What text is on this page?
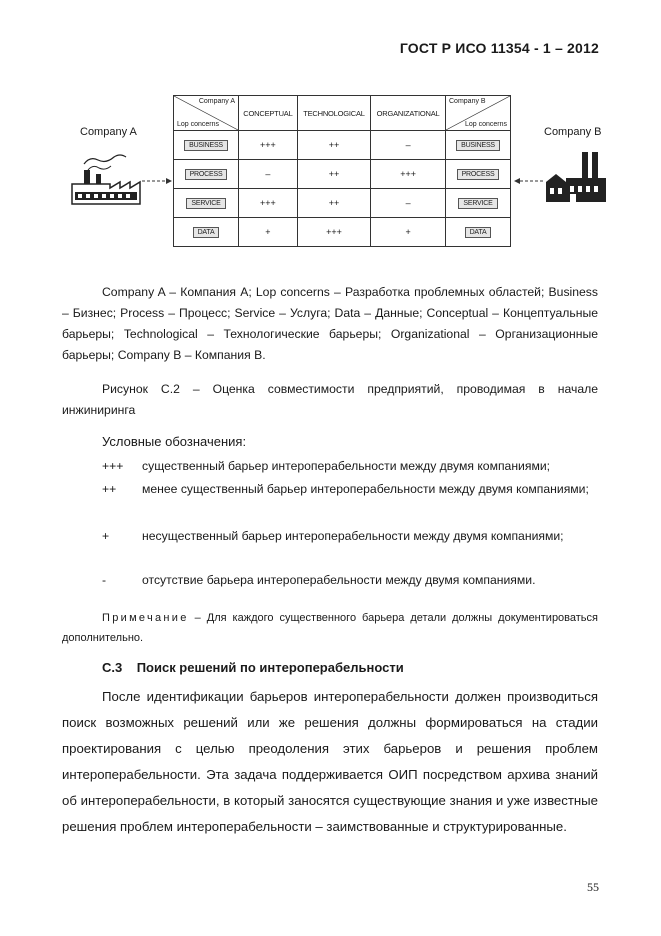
ГОСТ Р ИСО 11354 - 1 – 2012
Company A
Company A
Lop concerns	CONCEPTUAL	TECHNOLOGICAL	ORGANIZATIONAL	Company B
Lop concerns

BUSINESS	+++	++	–	BUSINESS
PROCESS	–	++	+++	PROCESS
SERVICE	+++	++	–	SERVICE
DATA	+	+++	+	DATA
Company B
Company A – Компания А; Lop concerns – Разработка проблемных областей; Business – Бизнес; Process – Процесс; Service – Услуга; Data – Данные; Conceptual – Концептуальные барьеры; Technological – Технологические барьеры; Organizational – Организационные барьеры; Company B – Компания В.
Рисунок С.2 – Оценка совместимости предприятий, проводимая в начале инжиниринга
Условные обозначения:
+++ существенный барьер интероперабельности между двумя компаниями;
++ менее существенный барьер интероперабельности между двумя компаниями;
+	несущественный барьер интероперабельности между двумя компаниями;
-	отсутствие барьера интероперабельности между двумя компаниями.
Примечание – Для каждого существенного барьера детали должны документироваться дополнительно.
С.3 Поиск решений по интероперабельности
После идентификации барьеров интероперабельности должен производиться поиск возможных решений или же решения должны формироваться на стадии проектирования с целью преодоления этих барьеров и решения проблем интероперабельности. Эта задача поддерживается ОИП посредством архива знаний об интероперабельности, в который заносятся существующие знания и уже известные решения проблем интероперабельности – заимствованные и структурированные.
55
